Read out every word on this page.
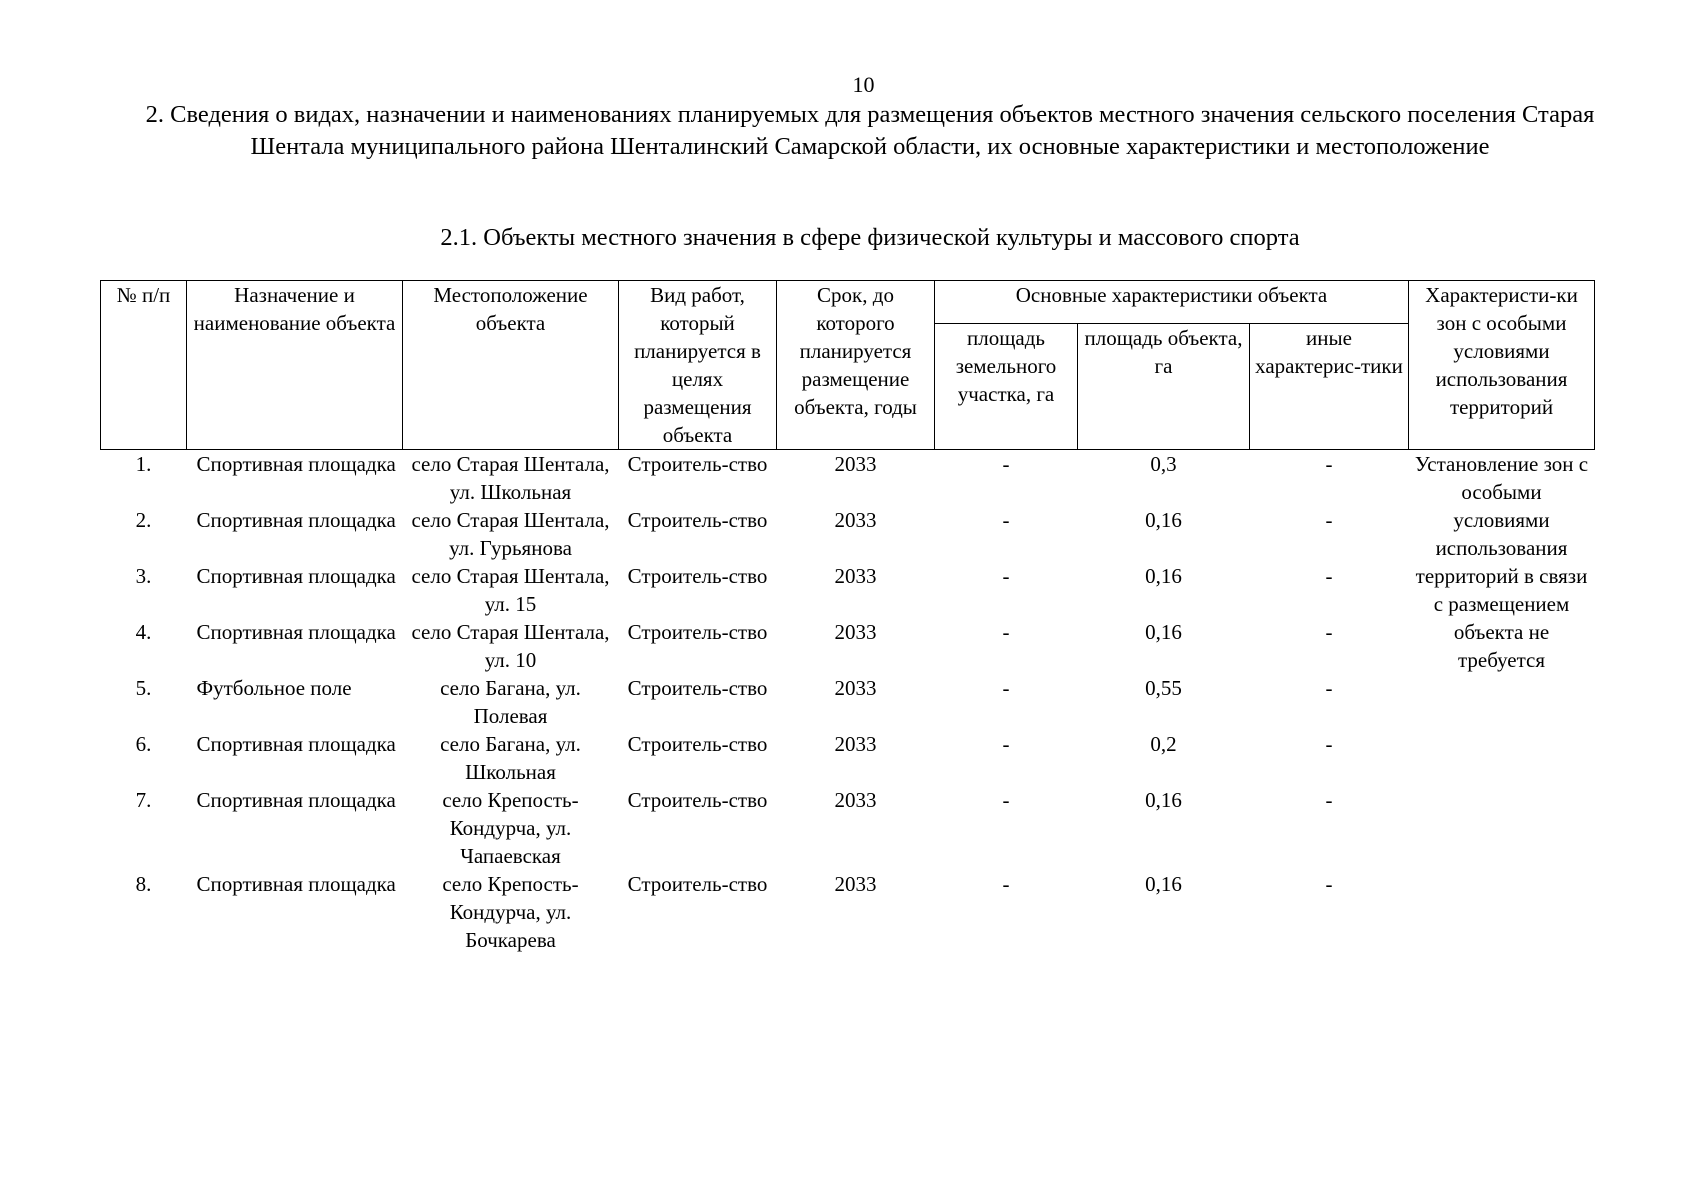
10
2. Сведения о видах, назначении и наименованиях планируемых для размещения объектов местного значения сельского поселения Старая Шентала муниципального района Шенталинский Самарской области, их основные характеристики и местоположение
2.1. Объекты местного значения в сфере физической культуры и массового спорта
№ п/п	Назначение и наименование объекта	Местоположение объекта	Вид работ, который планируется в целях размещения объекта	Срок, до которого планируется размещение объекта, годы	Основные характеристики объекта			Характеристи-ки зон с особыми условиями использования территорий
					площадь земельного участка, га	площадь объекта, га	иные характерис-тики	
1.	Спортивная площадка	село Старая Шентала, ул. Школьная	Строитель-ство	2033	-	0,3	-	Установление зон с особыми условиями использования территорий в связи с размещением объекта не требуется
2.	Спортивная площадка	село Старая Шентала, ул. Гурьянова	Строитель-ство	2033	-	0,16	-	
3.	Спортивная площадка	село Старая Шентала, ул. 15	Строитель-ство	2033	-	0,16	-	
4.	Спортивная площадка	село Старая Шентала, ул. 10	Строитель-ство	2033	-	0,16	-	
5.	Футбольное поле	село Багана, ул. Полевая	Строитель-ство	2033	-	0,55	-	
6.	Спортивная площадка	село Багана, ул. Школьная	Строитель-ство	2033	-	0,2	-	
7.	Спортивная площадка	село Крепость-Кондурча, ул. Чапаевская	Строитель-ство	2033	-	0,16	-	
8.	Спортивная площадка	село Крепость-Кондурча, ул. Бочкарева	Строитель-ство	2033	-	0,16	-	
